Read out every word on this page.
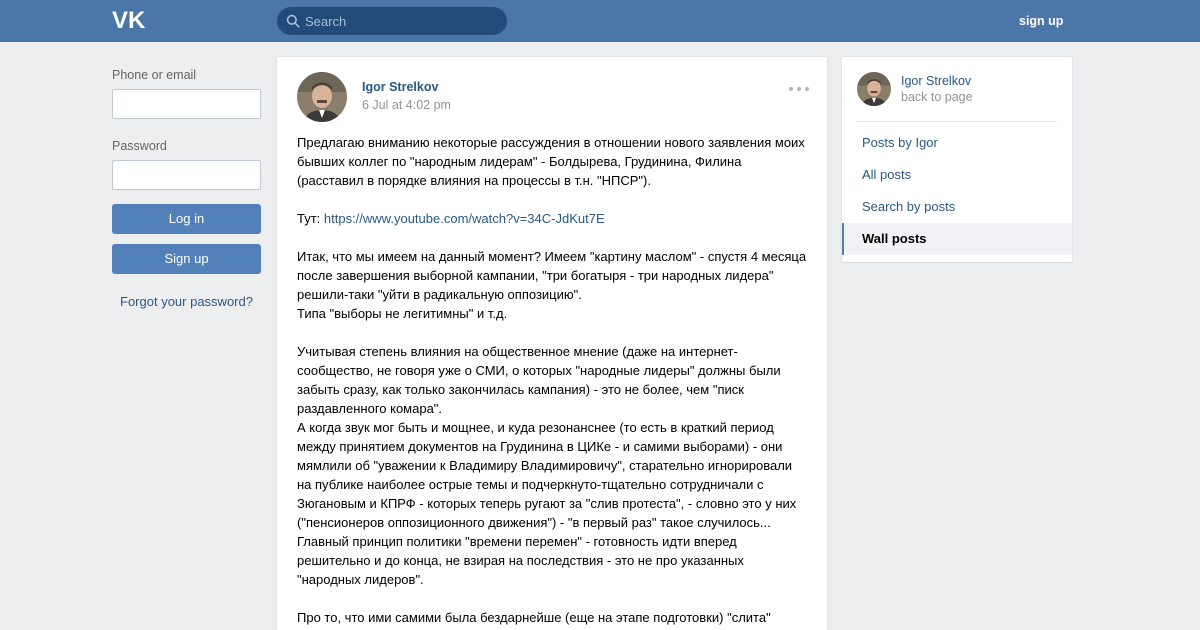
VK
Search	sign up
Phone or email
Password
Log in
Sign up
Forgot your password?
Igor Strelkov
6 Jul at 4:02 pm

Предлагаю вниманию некоторые рассуждения в отношении нового заявления моих бывших коллег по "народным лидерам" - Болдырева, Грудинина, Филина (расставил в порядке влияния на процессы в т.н. "НПСР").

Тут: https://www.youtube.com/watch?v=34C-JdKut7E

Итак, что мы имеем на данный момент? Имеем "картину маслом" - спустя 4 месяца после завершения выборной кампании, "три богатыря - три народных лидера" решили-таки "уйти в радикальную оппозицию".

Типа "выборы не легитимны" и т.д.

Учитывая степень влияния на общественное мнение (даже на интернет-сообщество, не говоря уже о СМИ, о которых "народные лидеры" должны были забыть сразу, как только закончилась кампания) - это не более, чем "писк раздавленного комара".

А когда звук мог быть и мощнее, и куда резонанснее (то есть в краткий период между принятием документов на Грудинина в ЦИКе - и самими выборами) - они мямлили об "уважении к Владимиру Владимировичу", старательно игнорировали на публике наиболее острые темы и подчеркнуто-тщательно сотрудничали с Зюгановым и КПРФ - которых теперь ругают за "слив протеста", - словно это у них ("пенсионеров оппозиционного движения") - "в первый раз" такое случилось...

Главный принцип политики "времени перемен" - готовность идти вперед решительно и до конца, не взирая на последствия - это не про указанных "народных лидеров".

Про то, что ими самими была бездарнейше (еще на этапе подготовки) "слита"

Igor Strelkov
back to page
Posts by Igor
All posts
Search by posts
Wall posts
